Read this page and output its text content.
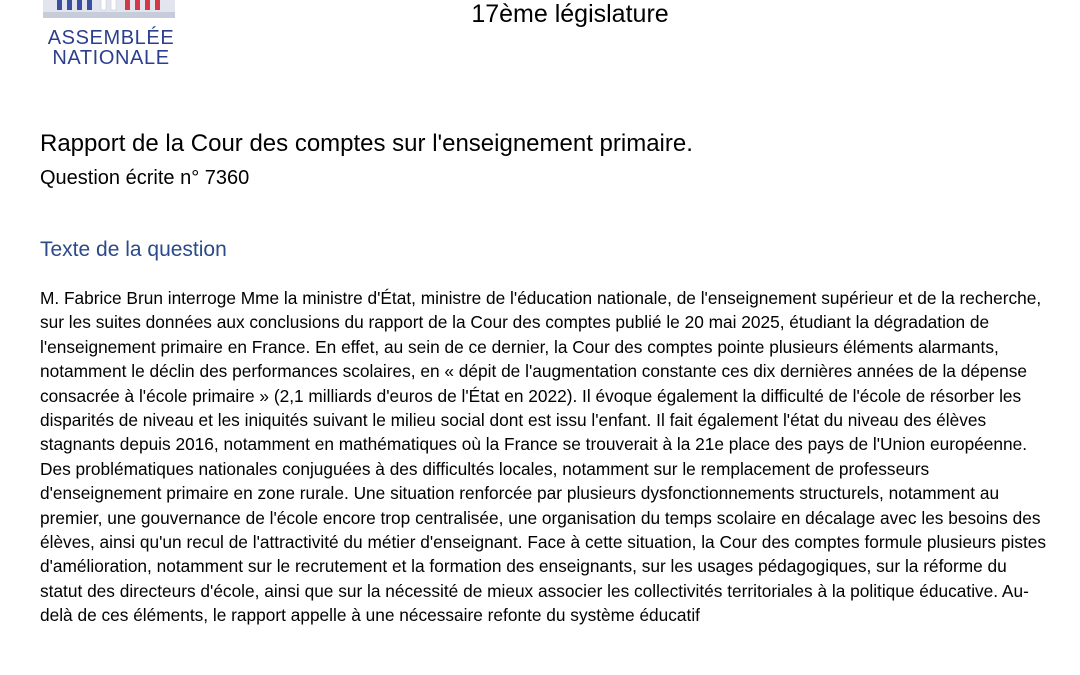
ASSEMBLÉE
NATIONALE
17ème législature
Rapport de la Cour des comptes sur l'enseignement primaire.
Question écrite n° 7360
Texte de la question

M. Fabrice Brun interroge Mme la ministre d'État, ministre de l'éducation nationale, de l'enseignement supérieur et de la recherche, sur les suites données aux conclusions du rapport de la Cour des comptes publié le 20 mai 2025, étudiant la dégradation de l'enseignement primaire en France. En effet, au sein de ce dernier, la Cour des comptes pointe plusieurs éléments alarmants, notamment le déclin des performances scolaires, en « dépit de l'augmentation constante ces dix dernières années de la dépense consacrée à l'école primaire » (2,1 milliards d'euros de l'État en 2022). Il évoque également la difficulté de l'école de résorber les disparités de niveau et les iniquités suivant le milieu social dont est issu l'enfant. Il fait également l'état du niveau des élèves stagnants depuis 2016, notamment en mathématiques où la France se trouverait à la 21e place des pays de l'Union européenne. Des problématiques nationales conjuguées à des difficultés locales, notamment sur le remplacement de professeurs d'enseignement primaire en zone rurale. Une situation renforcée par plusieurs dysfonctionnements structurels, notamment au premier, une gouvernance de l'école encore trop centralisée, une organisation du temps scolaire en décalage avec les besoins des élèves, ainsi qu'un recul de l'attractivité du métier d'enseignant. Face à cette situation, la Cour des comptes formule plusieurs pistes d'amélioration, notamment sur le recrutement et la formation des enseignants, sur les usages pédagogiques, sur la réforme du statut des directeurs d'école, ainsi que sur la nécessité de mieux associer les collectivités territoriales à la politique éducative. Au-delà de ces éléments, le rapport appelle à une nécessaire refonte du système éducatif
